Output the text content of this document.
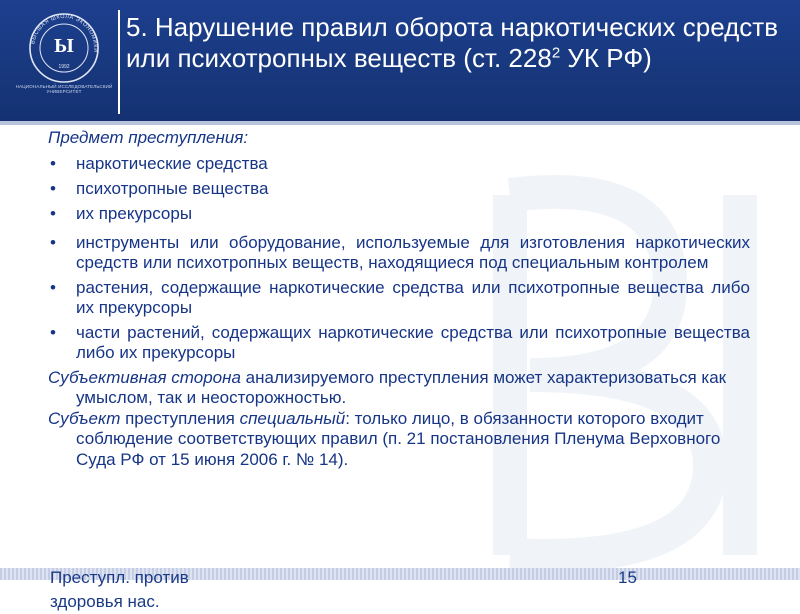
ВЫСШАЯ ШКОЛА ЭКОНОМИКИ
Ы
1992
НАЦИОНАЛЬНЫЙ ИССЛЕДОВАТЕЛЬСКИЙ УНИВЕРСИТЕТ
5. Нарушение правил оборота наркотических средств или психотропных веществ (ст. $228^2$ УК РФ)

Предмет преступления:

• наркотические средства
• психотропные вещества
• их прекурсоры
• инструменты или оборудование, используемые для изготовления наркотических средств или психотропных веществ, находящиеся под специальным контролем
• растения, содержащие наркотические средства или психотропные вещества либо их прекурсоры
• части растений, содержащих наркотические средства или психотропные вещества либо их прекурсоры

Субъективная сторона анализируемого преступления может характеризоваться как умыслом, так и неосторожностью.

Субъект преступления специальный: только лицо, в обязанности которого входит соблюдение соответствующих правил (п. 21 постановления Пленума Верховного Суда РФ от 15 июня 2006 г. № 14).

Преступл. против
здоровья нас.
15
